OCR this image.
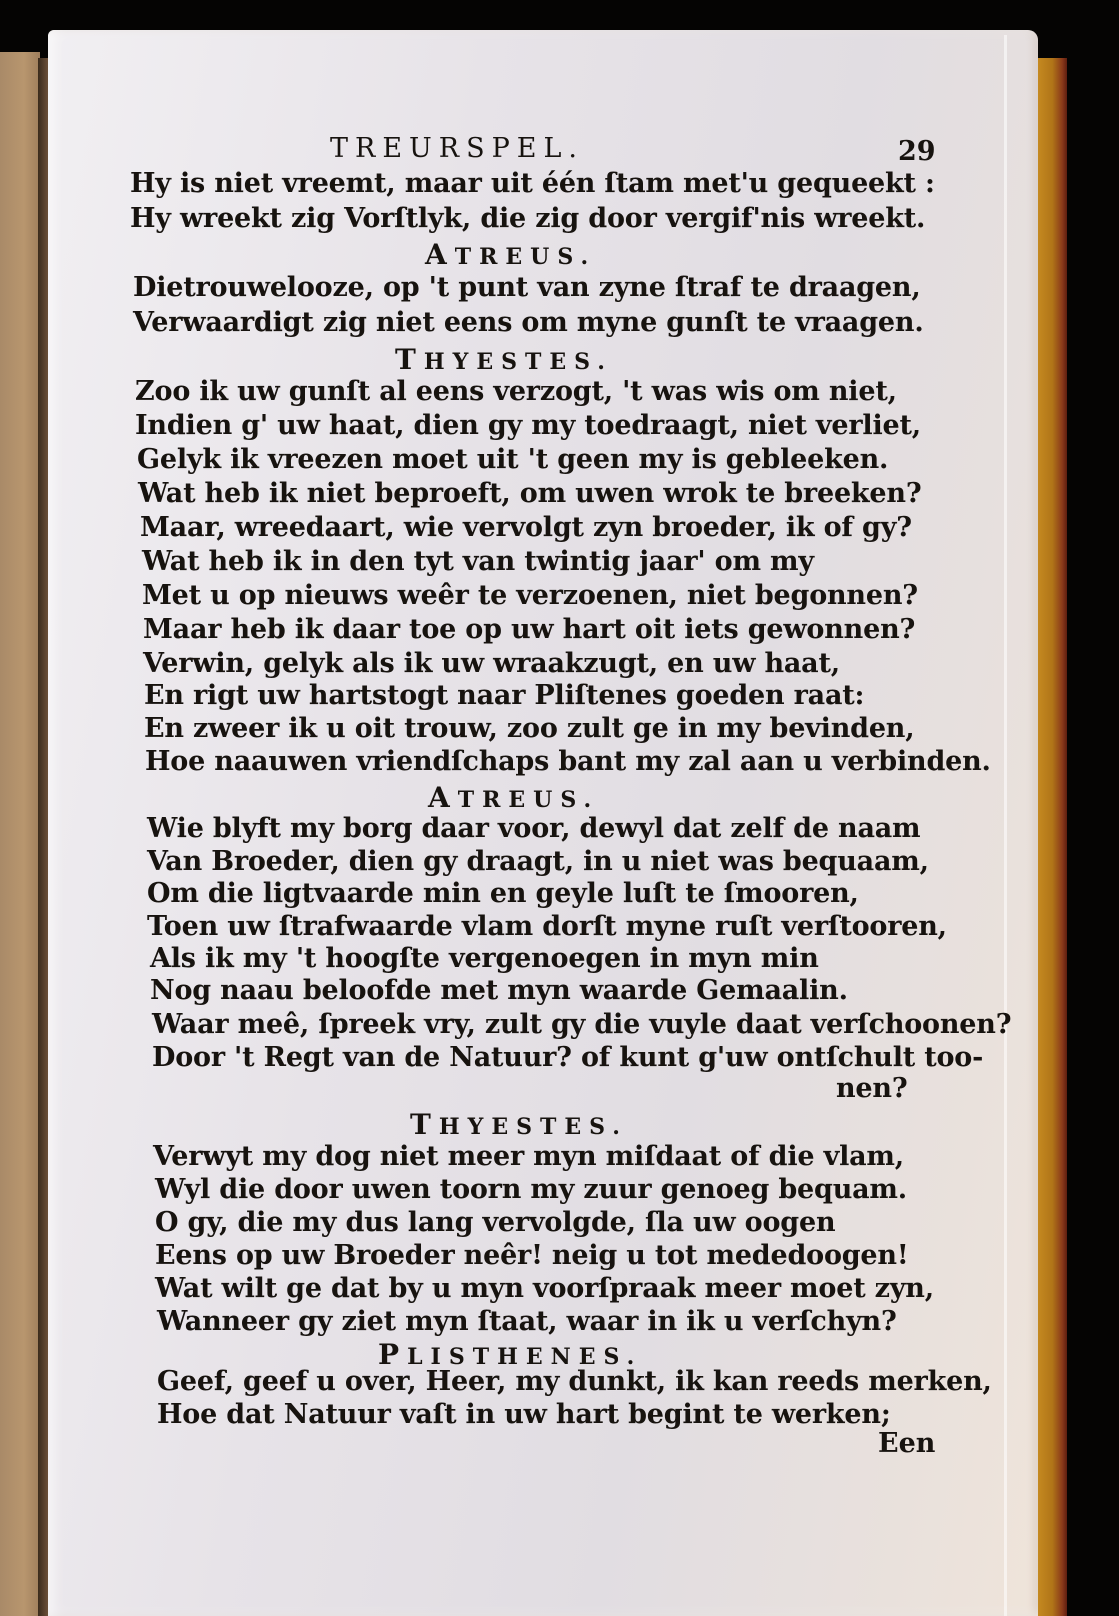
TREURSPEL.	29
Hy is niet vreemt, maar uit één ſtam met'u gequeekt :
Hy wreekt zig Vorſtlyk, die zig door vergif'nis wreekt.
ATREUS.
Dietrouwelooze, op 't punt van zyne ſtraf te draagen,
Verwaardigt zig niet eens om myne gunſt te vraagen.
THYESTES.
Zoo ik uw gunſt al eens verzogt, 't was wis om niet,
Indien g' uw haat, dien gy my toedraagt, niet verliet,
Gelyk ik vreezen moet uit 't geen my is gebleeken.
Wat heb ik niet beproeft, om uwen wrok te breeken?
Maar, wreedaart, wie vervolgt zyn broeder, ik of gy?
Wat heb ik in den tyt van twintig jaar' om my
Met u op nieuws weêr te verzoenen, niet begonnen?
Maar heb ik daar toe op uw hart oit iets gewonnen?
Verwin, gelyk als ik uw wraakzugt, en uw haat,
En rigt uw hartstogt naar Pliſtenes goeden raat:
En zweer ik u oit trouw, zoo zult ge in my bevinden,
Hoe naauwen vriendſchaps bant my zal aan u verbinden.
ATREUS.
Wie blyft my borg daar voor, dewyl dat zelf de naam
Van Broeder, dien gy draagt, in u niet was bequaam,
Om die ligtvaarde min en geyle luſt te ſmooren,
Toen uw ſtrafwaarde vlam dorſt myne ruſt verſtooren,
Als ik my 't hoogſte vergenoegen in myn min
Nog naau beloofde met myn waarde Gemaalin.
Waar meê, ſpreek vry, zult gy die vuyle daat verſchoonen?
Door 't Regt van de Natuur? of kunt g'uw ontſchult too-
nen?
THYESTES.
Verwyt my dog niet meer myn miſdaat of die vlam,
Wyl die door uwen toorn my zuur genoeg bequam.
O gy, die my dus lang vervolgde, ſla uw oogen
Eens op uw Broeder neêr! neig u tot mededoogen!
Wat wilt ge dat by u myn voorſpraak meer moet zyn,
Wanneer gy ziet myn ſtaat, waar in ik u verſchyn?
PLISTHENES.
Geef, geef u over, Heer, my dunkt, ik kan reeds merken,
Hoe dat Natuur vaſt in uw hart begint te werken;
Een
